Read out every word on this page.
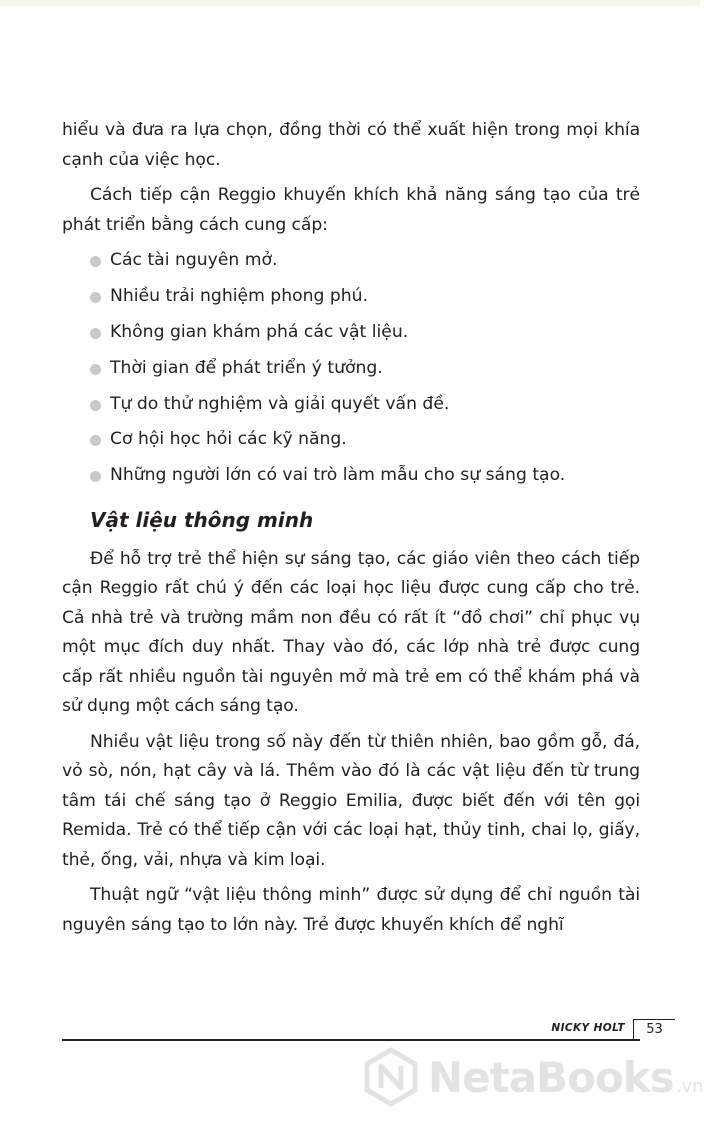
hiểu và đưa ra lựa chọn, đồng thời có thể xuất hiện trong mọi khía cạnh của việc học.

Cách tiếp cận Reggio khuyến khích khả năng sáng tạo của trẻ phát triển bằng cách cung cấp:

Các tài nguyên mở.
Nhiều trải nghiệm phong phú.
Không gian khám phá các vật liệu.
Thời gian để phát triển ý tưởng.
Tự do thử nghiệm và giải quyết vấn đề.
Cơ hội học hỏi các kỹ năng.
Những người lớn có vai trò làm mẫu cho sự sáng tạo.
Vật liệu thông minh

Để hỗ trợ trẻ thể hiện sự sáng tạo, các giáo viên theo cách tiếp cận Reggio rất chú ý đến các loại học liệu được cung cấp cho trẻ. Cả nhà trẻ và trường mầm non đều có rất ít “đồ chơi” chỉ phục vụ một mục đích duy nhất. Thay vào đó, các lớp nhà trẻ được cung cấp rất nhiều nguồn tài nguyên mở mà trẻ em có thể khám phá và sử dụng một cách sáng tạo.

Nhiều vật liệu trong số này đến từ thiên nhiên, bao gồm gỗ, đá, vỏ sò, nón, hạt cây và lá. Thêm vào đó là các vật liệu đến từ trung tâm tái chế sáng tạo ở Reggio Emilia, được biết đến với tên gọi Remida. Trẻ có thể tiếp cận với các loại hạt, thủy tinh, chai lọ, giấy, thẻ, ống, vải, nhựa và kim loại.

Thuật ngữ “vật liệu thông minh” được sử dụng để chỉ nguồn tài nguyên sáng tạo to lớn này. Trẻ được khuyến khích để nghĩ

NICKY HOLT	53
NetaBooks .vn
